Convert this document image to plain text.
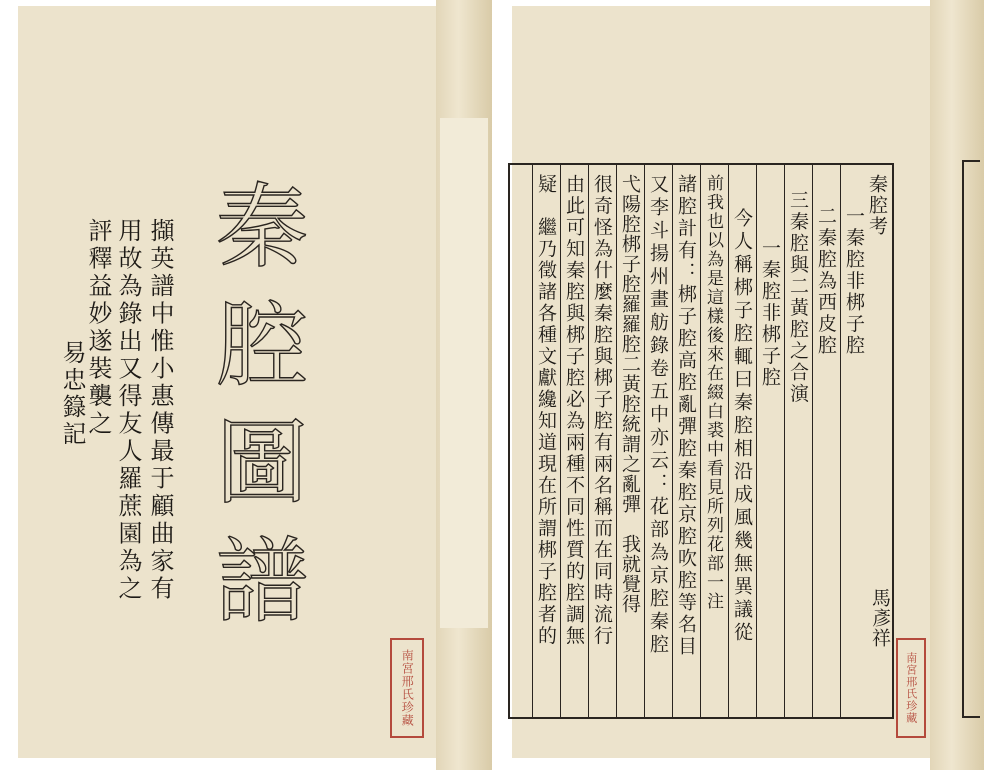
秦腔圖譜
擷英譜中惟小惠傳最于顧曲家有
用故為錄出又得友人羅蔗園為之
評釋益妙遂裝襲之
易忠籙記
南宮邢氏珍藏
秦腔考
一秦腔非梆子腔
二秦腔為西皮腔
三秦腔與二黃腔之合演
一秦腔非梆子腔
今人稱梆子腔輒曰秦腔相沿成風幾無異議從
前我也以為是這樣後來在綴白裘中看見所列花部一注
諸腔計有：梆子腔高腔亂彈腔秦腔京腔吹腔等名目
又李斗揚州畫舫錄卷五中亦云：花部為京腔秦腔
弋陽腔梆子腔羅羅腔二黃腔統謂之亂彈　我就覺得
很奇怪為什麼秦腔與梆子腔有兩名稱而在同時流行
由此可知秦腔與梆子腔必為兩種不同性質的腔調無
疑　繼乃徵諸各種文獻纔知道現在所謂梆子腔者的	馬彥祥
南宮邢氏珍藏
